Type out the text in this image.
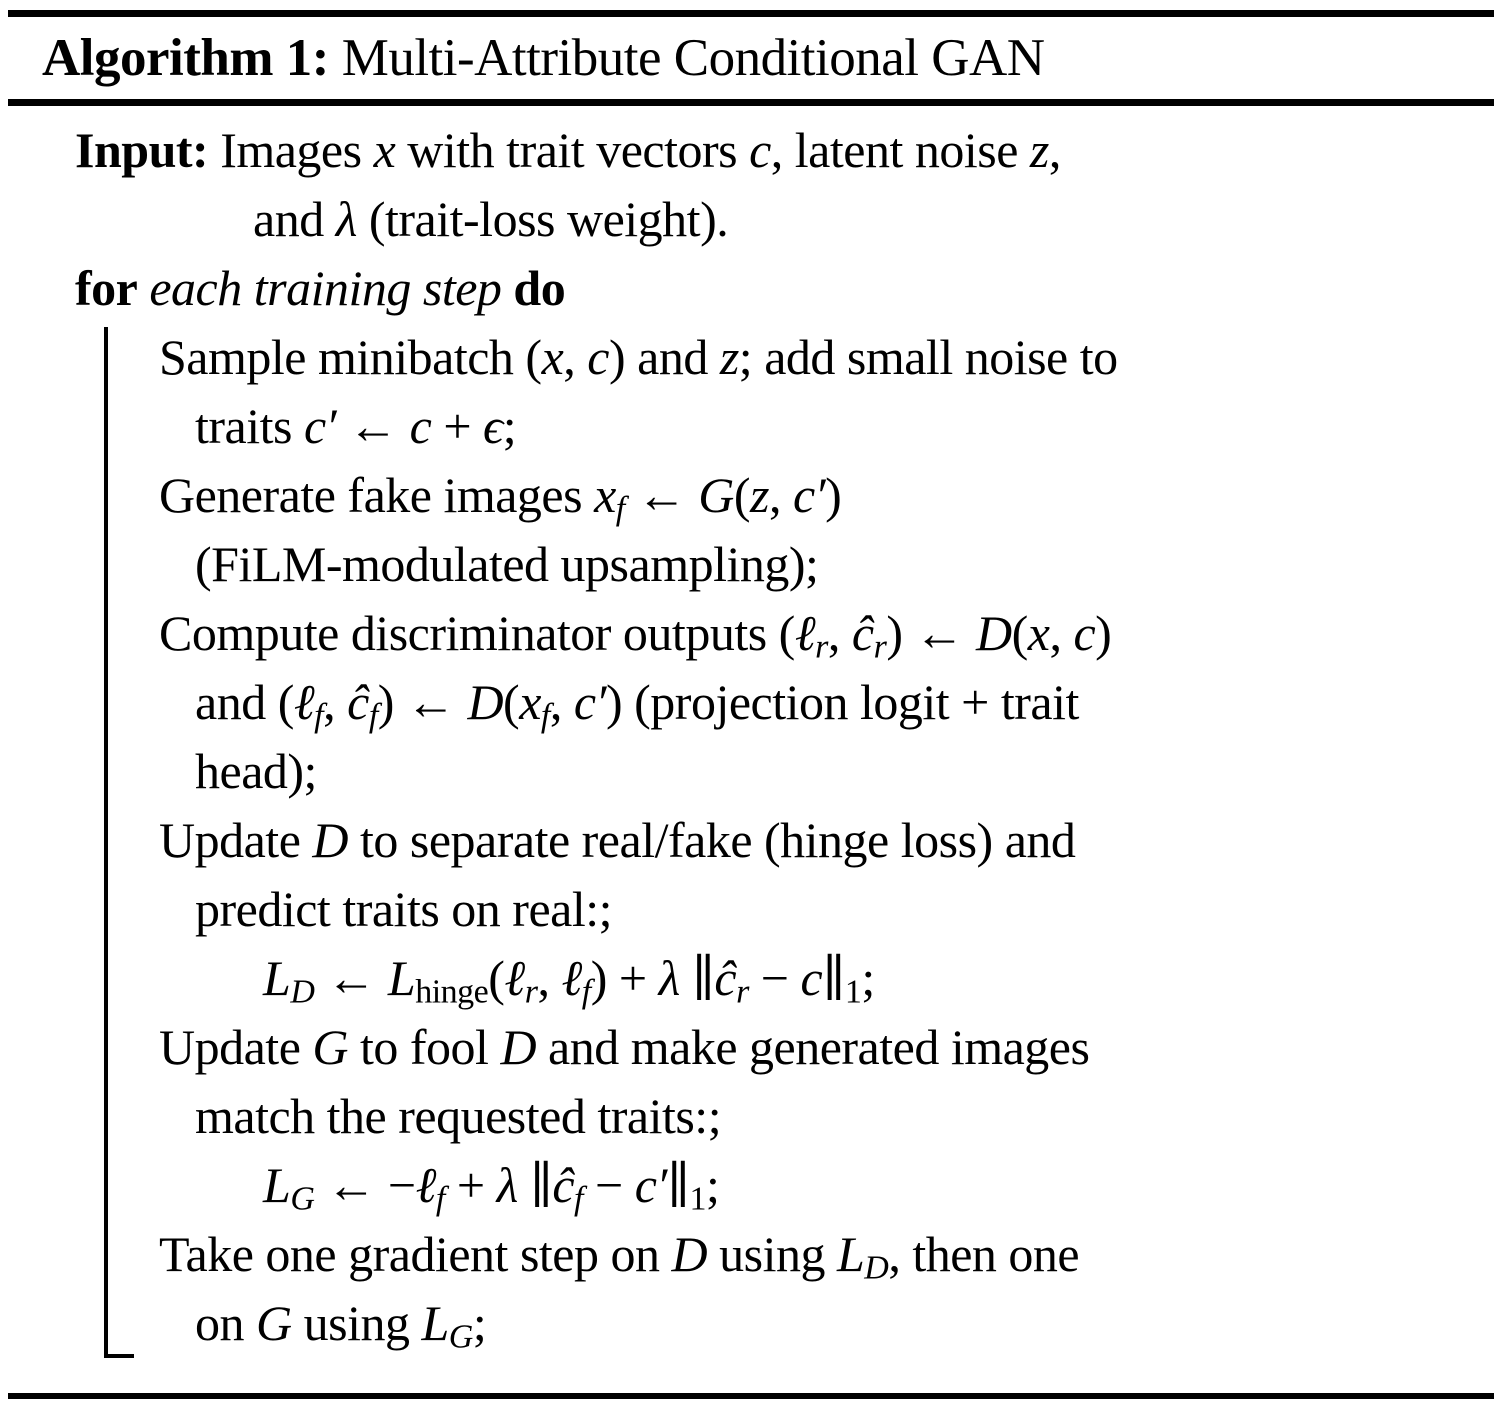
Algorithm 1: Multi-Attribute Conditional GAN
Input: Images x with trait vectors c, latent noise z,
and λ (trait-loss weight).
for each training step do
Sample minibatch (x, c) and z; add small noise to
traits c′ ← c + ϵ;
Generate fake images xf ← G(z, c′)
(FiLM-modulated upsampling);
Compute discriminator outputs (ℓr, ĉr) ← D(x, c)
and (ℓf, ĉf) ← D(xf, c′) (projection logit + trait
head);
Update D to separate real/fake (hinge loss) and
predict traits on real:;
LD ← Lhinge(ℓr, ℓf) + λ ∥ĉr − c∥1;
Update G to fool D and make generated images
match the requested traits:;
LG ← −ℓf + λ ∥ĉf − c′∥1;
Take one gradient step on D using LD, then one
on G using LG;
